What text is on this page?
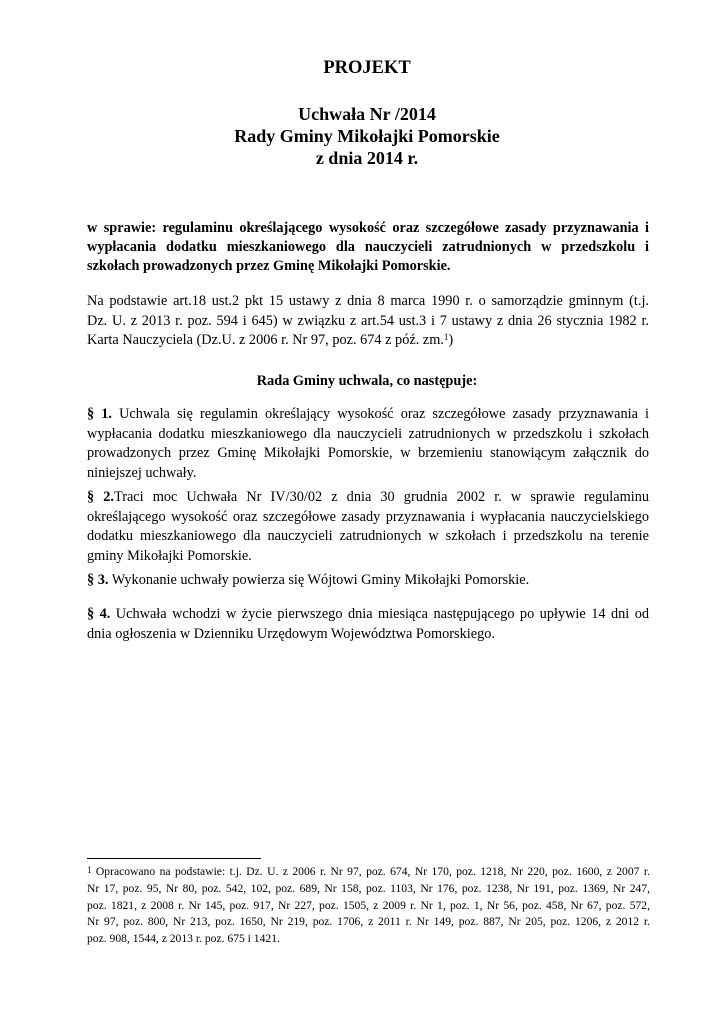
PROJEKT
Uchwała Nr /2014
Rady Gminy Mikołajki Pomorskie
z dnia 2014 r.
w sprawie: regulaminu określającego wysokość oraz szczegółowe zasady przyznawania i
wypłacania dodatku mieszkaniowego dla nauczycieli zatrudnionych w przedszkolu i
szkołach prowadzonych przez Gminę Mikołajki Pomorskie.
Na podstawie art.18 ust.2 pkt 15 ustawy z dnia 8 marca 1990 r. o samorządzie gminnym (t.j.
Dz. U. z 2013 r. poz. 594 i 645) w związku z art.54 ust.3 i 7 ustawy z dnia 26 stycznia 1982 r.
Karta Nauczyciela (Dz.U. z 2006 r. Nr 97, poz. 674 z póź. zm.$^1$)
Rada Gminy uchwala, co następuje:
§ 1. Uchwala się regulamin określający wysokość oraz szczegółowe zasady przyznawania i
wypłacania dodatku mieszkaniowego dla nauczycieli zatrudnionych w przedszkolu i szkołach
prowadzonych przez Gminę Mikołajki Pomorskie, w brzemieniu stanowiącym załącznik do
niniejszej uchwały.
§ 2.Traci moc Uchwała Nr IV/30/02 z dnia 30 grudnia 2002 r. w sprawie regulaminu
określającego wysokość oraz szczegółowe zasady przyznawania i wypłacania nauczycielskiego
dodatku mieszkaniowego dla nauczycieli zatrudnionych w szkołach i przedszkolu na terenie
gminy Mikołajki Pomorskie.
§ 3. Wykonanie uchwały powierza się Wójtowi Gminy Mikołajki Pomorskie.
§ 4. Uchwała wchodzi w życie pierwszego dnia miesiąca następującego po upływie 14 dni od
dnia ogłoszenia w Dzienniku Urzędowym Województwa Pomorskiego.
$^1$ Opracowano na podstawie: t.j. Dz. U. z 2006 r. Nr 97, poz. 674, Nr 170, poz. 1218, Nr 220, poz. 1600, z 2007 r.
Nr 17, poz. 95, Nr 80, poz. 542, 102, poz. 689, Nr 158, poz. 1103, Nr 176, poz. 1238, Nr 191, poz. 1369, Nr 247,
poz. 1821, z 2008 r. Nr 145, poz. 917, Nr 227, poz. 1505, z 2009 r. Nr 1, poz. 1, Nr 56, poz. 458, Nr 67, poz. 572,
Nr 97, poz. 800, Nr 213, poz. 1650, Nr 219, poz. 1706, z 2011 r. Nr 149, poz. 887, Nr 205, poz. 1206, z 2012 r.
poz. 908, 1544, z 2013 r. poz. 675 i 1421.
